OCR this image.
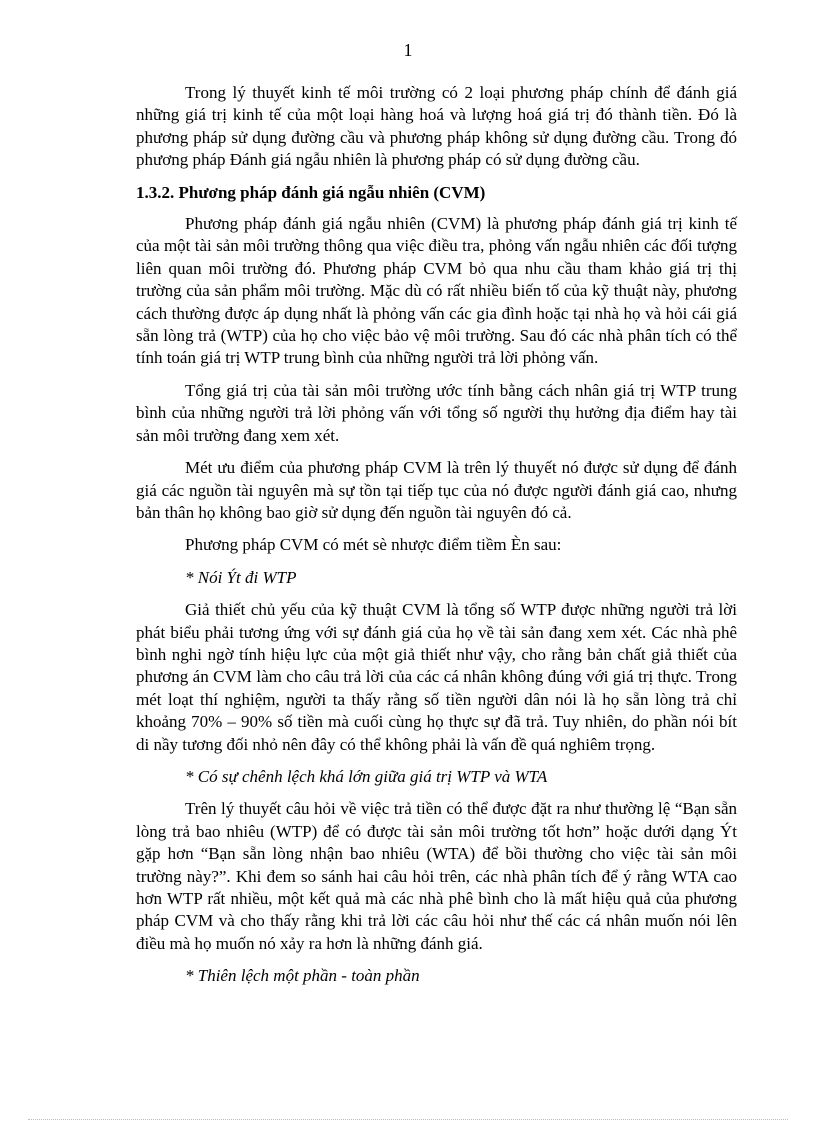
1

Trong lý thuyết kinh tế môi trường có 2 loại phương pháp chính để đánh giá những giá trị kinh tế của một loại hàng hoá và lượng hoá giá trị đó thành tiền. Đó là phương pháp sử dụng đường cầu và phương pháp không sử dụng đường cầu. Trong đó phương pháp Đánh giá ngẫu nhiên là phương pháp có sử dụng đường cầu.

1.3.2. Phương pháp đánh giá ngẫu nhiên (CVM)

Phương pháp đánh giá ngẫu nhiên (CVM) là phương pháp đánh giá trị kinh tế của một tài sản môi trường thông qua việc điều tra, phỏng vấn ngẫu nhiên các đối tượng liên quan môi trường đó. Phương pháp CVM bỏ qua nhu cầu tham khảo giá trị thị trường của sản phẩm môi trường. Mặc dù có rất nhiều biến tố của kỹ thuật này, phương cách thường được áp dụng nhất là phỏng vấn các gia đình hoặc tại nhà họ và hỏi cái giá sẵn lòng trả (WTP) của họ cho việc bảo vệ môi trường. Sau đó các nhà phân tích có thể tính toán giá trị WTP trung bình của những người trả lời phỏng vấn.

Tổng giá trị của tài sản môi trường ước tính bằng cách nhân giá trị WTP trung bình của những người trả lời phỏng vấn với tổng số người thụ hưởng địa điểm hay tài sản môi trường đang xem xét.

Mét ưu điểm của phương pháp CVM là trên lý thuyết nó được sử dụng để đánh giá các nguồn tài nguyên mà sự tồn tại tiếp tục của nó được người đánh giá cao, nhưng bản thân họ không bao giờ sử dụng đến nguồn tài nguyên đó cả.

Phương pháp CVM có mét sè nhược điểm tiềm Èn sau:

* Nói Ýt đi WTP

Giả thiết chủ yếu của kỹ thuật CVM là tổng số WTP được những người trả lời phát biểu phải tương ứng với sự đánh giá của họ về tài sản đang xem xét. Các nhà phê bình nghi ngờ tính hiệu lực của một giả thiết như vậy, cho rằng bản chất giả thiết của phương án CVM làm cho câu trả lời của các cá nhân không đúng với giá trị thực. Trong mét loạt thí nghiệm, người ta thấy rằng số tiền người dân nói là họ sẵn lòng trả chỉ khoảng 70% – 90% số tiền mà cuối cùng họ thực sự đã trả. Tuy nhiên, do phần nói bít di nầy tương đối nhỏ nên đây có thể không phải là vấn đề quá nghiêm trọng.

* Có sự chênh lệch khá lớn giữa giá trị WTP và WTA

Trên lý thuyết câu hỏi về việc trả tiền có thể được đặt ra như thường lệ “Bạn sẵn lòng trả bao nhiêu (WTP) để có được tài sản môi trường tốt hơn” hoặc dưới dạng Ýt gặp hơn “Bạn sẵn lòng nhận bao nhiêu (WTA) để bồi thường cho việc tài sản môi trường này?”. Khi đem so sánh hai câu hỏi trên, các nhà phân tích để ý rằng WTA cao hơn WTP rất nhiều, một kết quả mà các nhà phê bình cho là mất hiệu quả của phương pháp CVM và cho thấy rằng khi trả lời các câu hỏi như thế các cá nhân muốn nói lên điều mà họ muốn nó xảy ra hơn là những đánh giá.

* Thiên lệch một phần - toàn phần
